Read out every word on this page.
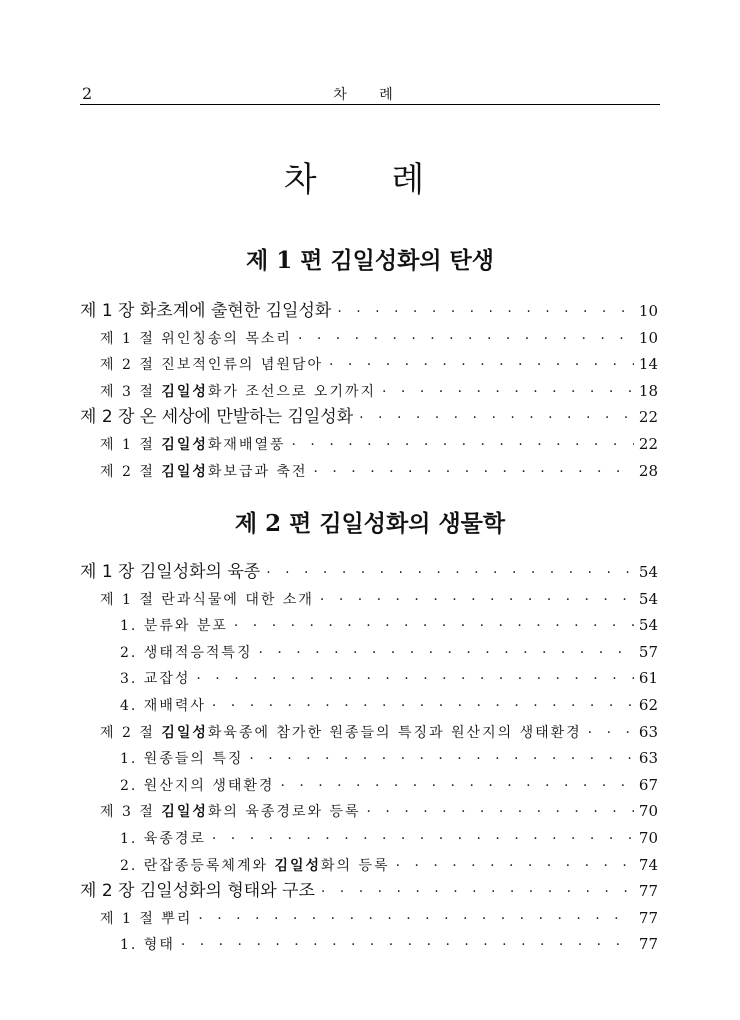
2	차 례
차 례
제 1 편 김일성화의 탄생
제 1 장 화초계에 출현한 김일성화 · · ·	10
제 1 절 위인칭송의 목소리 · · ·	10
제 2 절 진보적인류의 념원담아 · · ·	14
제 3 절 김일성화가 조선으로 오기까지 · · ·	18
제 2 장 온 세상에 만발하는 김일성화 · · ·	22
제 1 절 김일성화재배열풍 · · ·	22
제 2 절 김일성화보급과 축전 · · ·	28
제 2 편 김일성화의 생물학
제 1 장 김일성화의 육종 · · ·	54
제 1 절 란과식물에 대한 소개 · · ·	54
1. 분류와 분포 · · ·	54
2. 생태적응적특징 · · ·	57
3. 교잡성 · · ·	61
4. 재배력사 · · ·	62
제 2 절 김일성화육종에 참가한 원종들의 특징과 원산지의 생태환경 · · ·	63
1. 원종들의 특징 · · ·	63
2. 원산지의 생태환경 · · ·	67
제 3 절 김일성화의 육종경로와 등록 · · ·	70
1. 육종경로 · · ·	70
2. 란잡종등록체계와 김일성화의 등록 · · ·	74
제 2 장 김일성화의 형태와 구조 · · ·	77
제 1 절 뿌리 · · ·	77
1. 형태 · · ·	77
